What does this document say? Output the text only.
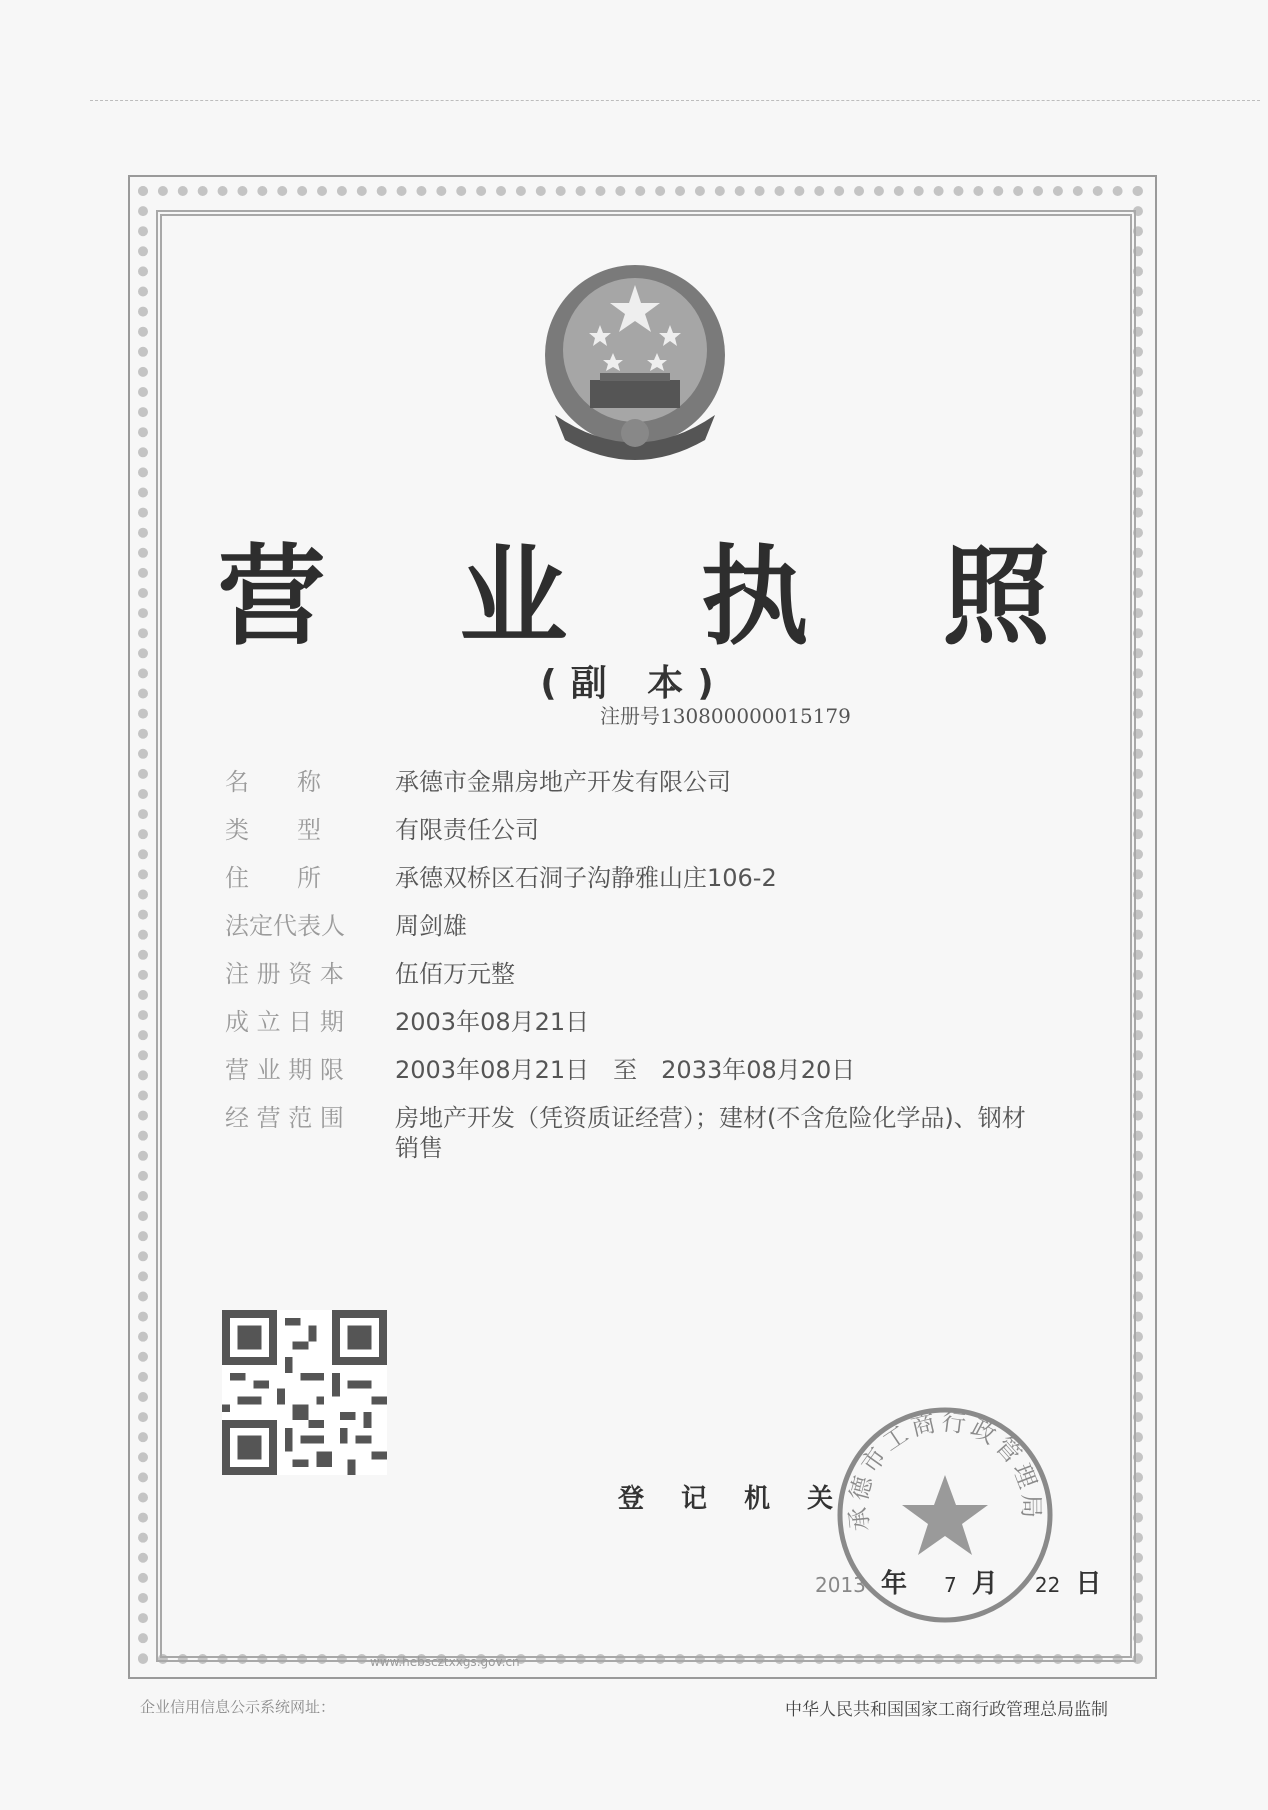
营 业 执 照
(副 本)
注册号130800000015179
名　　称	承德市金鼎房地产开发有限公司
类　　型	有限责任公司
住　　所	承德双桥区石洞子沟静雅山庄106-2
法定代表人	周剑雄
注 册 资 本	伍佰万元整
成 立 日 期	2003年08月21日
营 业 期 限	2003年08月21日　至　2033年08月20日
经 营 范 围	房地产开发（凭资质证经营）；建材(不含危险化学品)、钢材销售
登 记 机 关
承德市工商行政管理局
2013 年 7 月 22 日
www.hebscztxxgs.gov.cn
企业信用信息公示系统网址：	中华人民共和国国家工商行政管理总局监制
